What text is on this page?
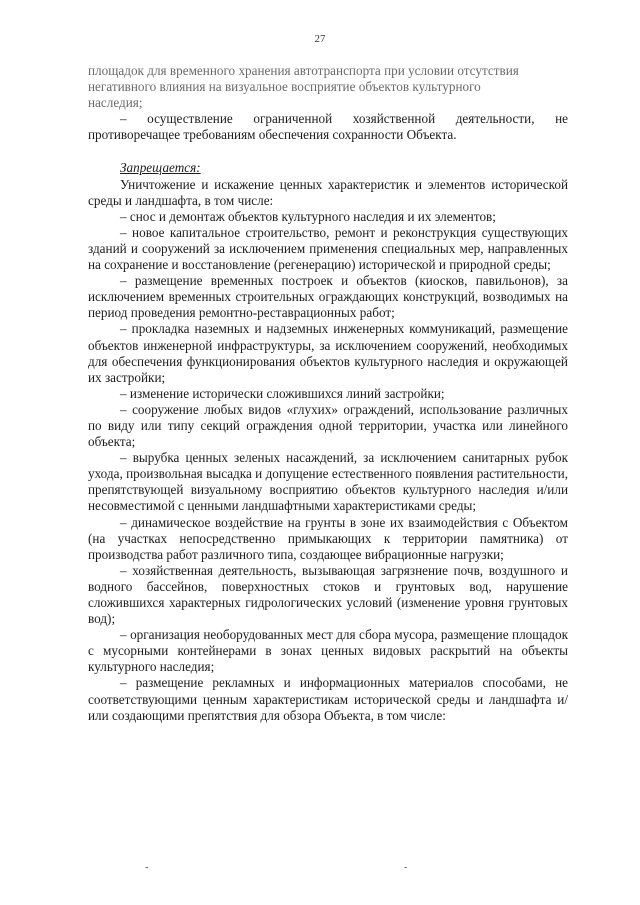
27

площадок для временного хранения автотранспорта при условии отсутствия

негативного влияния на визуальное восприятие объектов культурного

наследия;

– осуществление ограниченной хозяйственной деятельности, не противоречащее требованиям обеспечения сохранности Объекта.

Запрещается:

Уничтожение и искажение ценных характеристик и элементов исторической среды и ландшафта, в том числе:

– снос и демонтаж объектов культурного наследия и их элементов;

– новое капитальное строительство, ремонт и реконструкция существующих зданий и сооружений за исключением применения специальных мер, направленных на сохранение и восстановление (регенерацию) исторической и природной среды;

– размещение временных построек и объектов (киосков, павильонов), за исключением временных строительных ограждающих конструкций, возводимых на период проведения ремонтно-реставрационных работ;

– прокладка наземных и надземных инженерных коммуникаций, размещение объектов инженерной инфраструктуры, за исключением сооружений, необходимых для обеспечения функционирования объектов культурного наследия и окружающей их застройки;

– изменение исторически сложившихся линий застройки;

– сооружение любых видов «глухих» ограждений, использование различных по виду или типу секций ограждения одной территории, участка или линейного объекта;

– вырубка ценных зеленых насаждений, за исключением санитарных рубок ухода, произвольная высадка и допущение естественного появления растительности, препятствующей визуальному восприятию объектов культурного наследия и/или несовместимой с ценными ландшафтными характеристиками среды;

– динамическое воздействие на грунты в зоне их взаимодействия с Объектом (на участках непосредственно примыкающих к территории памятника) от производства работ различного типа, создающее вибрационные нагрузки;

– хозяйственная деятельность, вызывающая загрязнение почв, воздушного и водного бассейнов, поверхностных стоков и грунтовых вод, нарушение сложившихся характерных гидрологических условий (изменение уровня грунтовых вод);

– организация необорудованных мест для сбора мусора, размещение площадок с мусорными контейнерами в зонах ценных видовых раскрытий на объекты культурного наследия;

– размещение рекламных и информационных материалов способами, не соответствующими ценным характеристикам исторической среды и ландшафта и/или создающими препятствия для обзора Объекта, в том числе:

-	-
